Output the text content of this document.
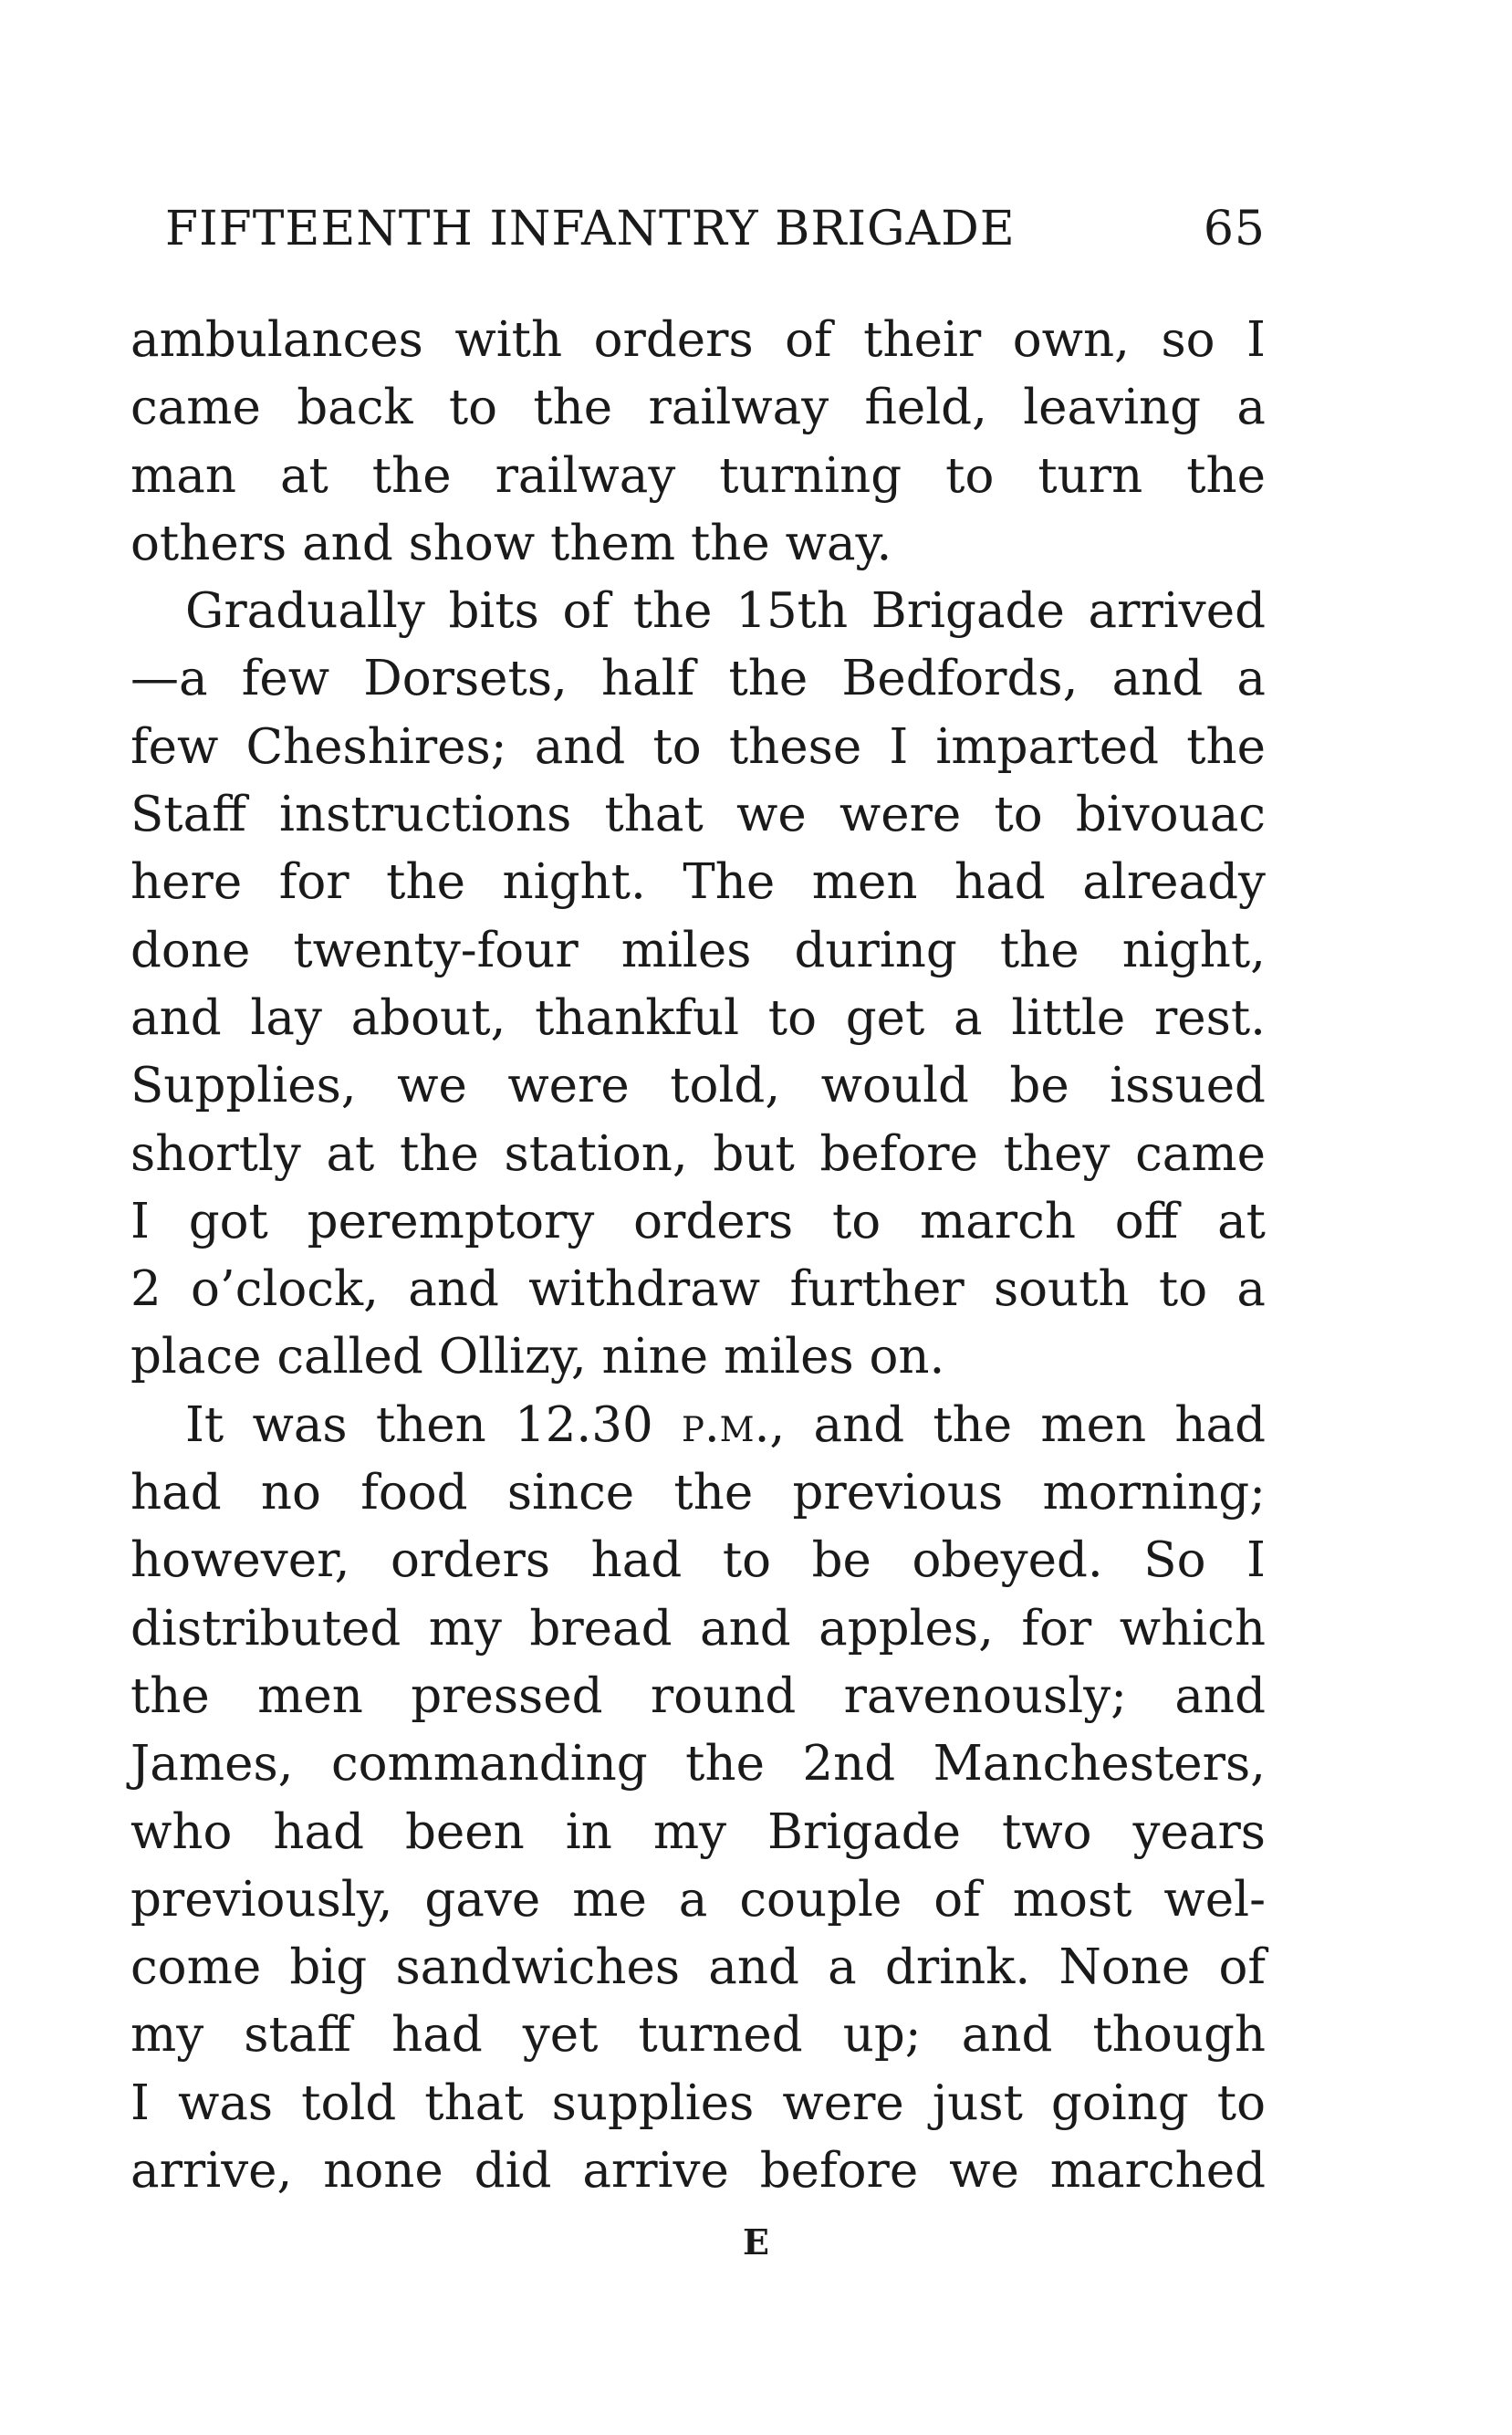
FIFTEENTH INFANTRY BRIGADE	65
ambulances with orders of their own, so I
came back to the railway field, leaving a
man at the railway turning to turn the
others and show them the way.
Gradually bits of the 15th Brigade arrived
—a few Dorsets, half the Bedfords, and a
few Cheshires; and to these I imparted the
Staff instructions that we were to bivouac
here for the night. The men had already
done twenty-four miles during the night,
and lay about, thankful to get a little rest.
Supplies, we were told, would be issued
shortly at the station, but before they came
I got peremptory orders to march off at
2 o’clock, and withdraw further south to a
place called Ollizy, nine miles on.
It was then 12.30 p.m., and the men had
had no food since the previous morning;
however, orders had to be obeyed. So I
distributed my bread and apples, for which
the men pressed round ravenously; and
James, commanding the 2nd Manchesters,
who had been in my Brigade two years
previously, gave me a couple of most wel-
come big sandwiches and a drink. None of
my staff had yet turned up; and though
I was told that supplies were just going to
arrive, none did arrive before we marched
E
